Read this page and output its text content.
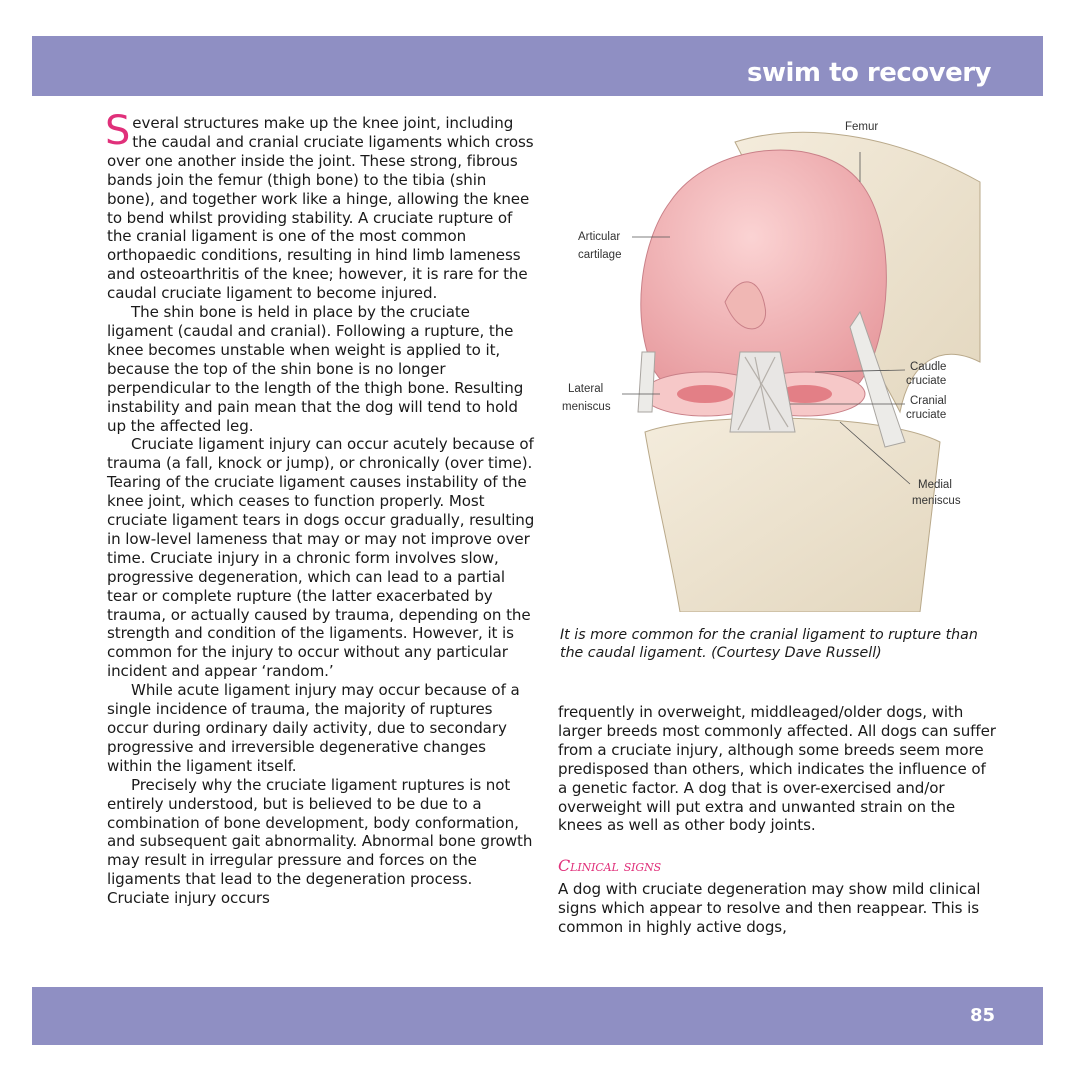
swim to recovery

Several structures make up the knee joint, including the caudal and cranial cruciate ligaments which cross over one another inside the joint. These strong, fibrous bands join the femur (thigh bone) to the tibia (shin bone), and together work like a hinge, allowing the knee to bend whilst providing stability. A cruciate rupture of the cranial ligament is one of the most common orthopaedic conditions, resulting in hind limb lameness and osteoarthritis of the knee; however, it is rare for the caudal cruciate ligament to become injured.

The shin bone is held in place by the cruciate ligament (caudal and cranial). Following a rupture, the knee becomes unstable when weight is applied to it, because the top of the shin bone is no longer perpendicular to the length of the thigh bone. Resulting instability and pain mean that the dog will tend to hold up the affected leg.

Cruciate ligament injury can occur acutely because of trauma (a fall, knock or jump), or chronically (over time). Tearing of the cruciate ligament causes instability of the knee joint, which ceases to function properly. Most cruciate ligament tears in dogs occur gradually, resulting in low-level lameness that may or may not improve over time. Cruciate injury in a chronic form involves slow, progressive degeneration, which can lead to a partial tear or complete rupture (the latter exacerbated by trauma, or actually caused by trauma, depending on the strength and condition of the ligaments. However, it is common for the injury to occur without any particular incident and appear ‘random.’

While acute ligament injury may occur because of a single incidence of trauma, the majority of ruptures occur during ordinary daily activity, due to secondary progressive and irreversible degenerative changes within the ligament itself.

Precisely why the cruciate ligament ruptures is not entirely understood, but is believed to be due to a combination of bone development, body conformation, and subsequent gait abnormality. Abnormal bone growth may result in irregular pressure and forces on the ligaments that lead to the degeneration process. Cruciate injury occurs

Femur
Articular
cartilage
Lateral
meniscus
Caudle
cruciate
Cranial
cruciate
Medial
meniscus
It is more common for the cranial ligament to rupture than the caudal ligament. (Courtesy Dave Russell)

frequently in overweight, middleaged/older dogs, with larger breeds most commonly affected. All dogs can suffer from a cruciate injury, although some breeds seem more predisposed than others, which indicates the influence of a genetic factor. A dog that is over-exercised and/or overweight will put extra and unwanted strain on the knees as well as other body joints.

Clinical signs

A dog with cruciate degeneration may show mild clinical signs which appear to resolve and then reappear. This is common in highly active dogs,

85
